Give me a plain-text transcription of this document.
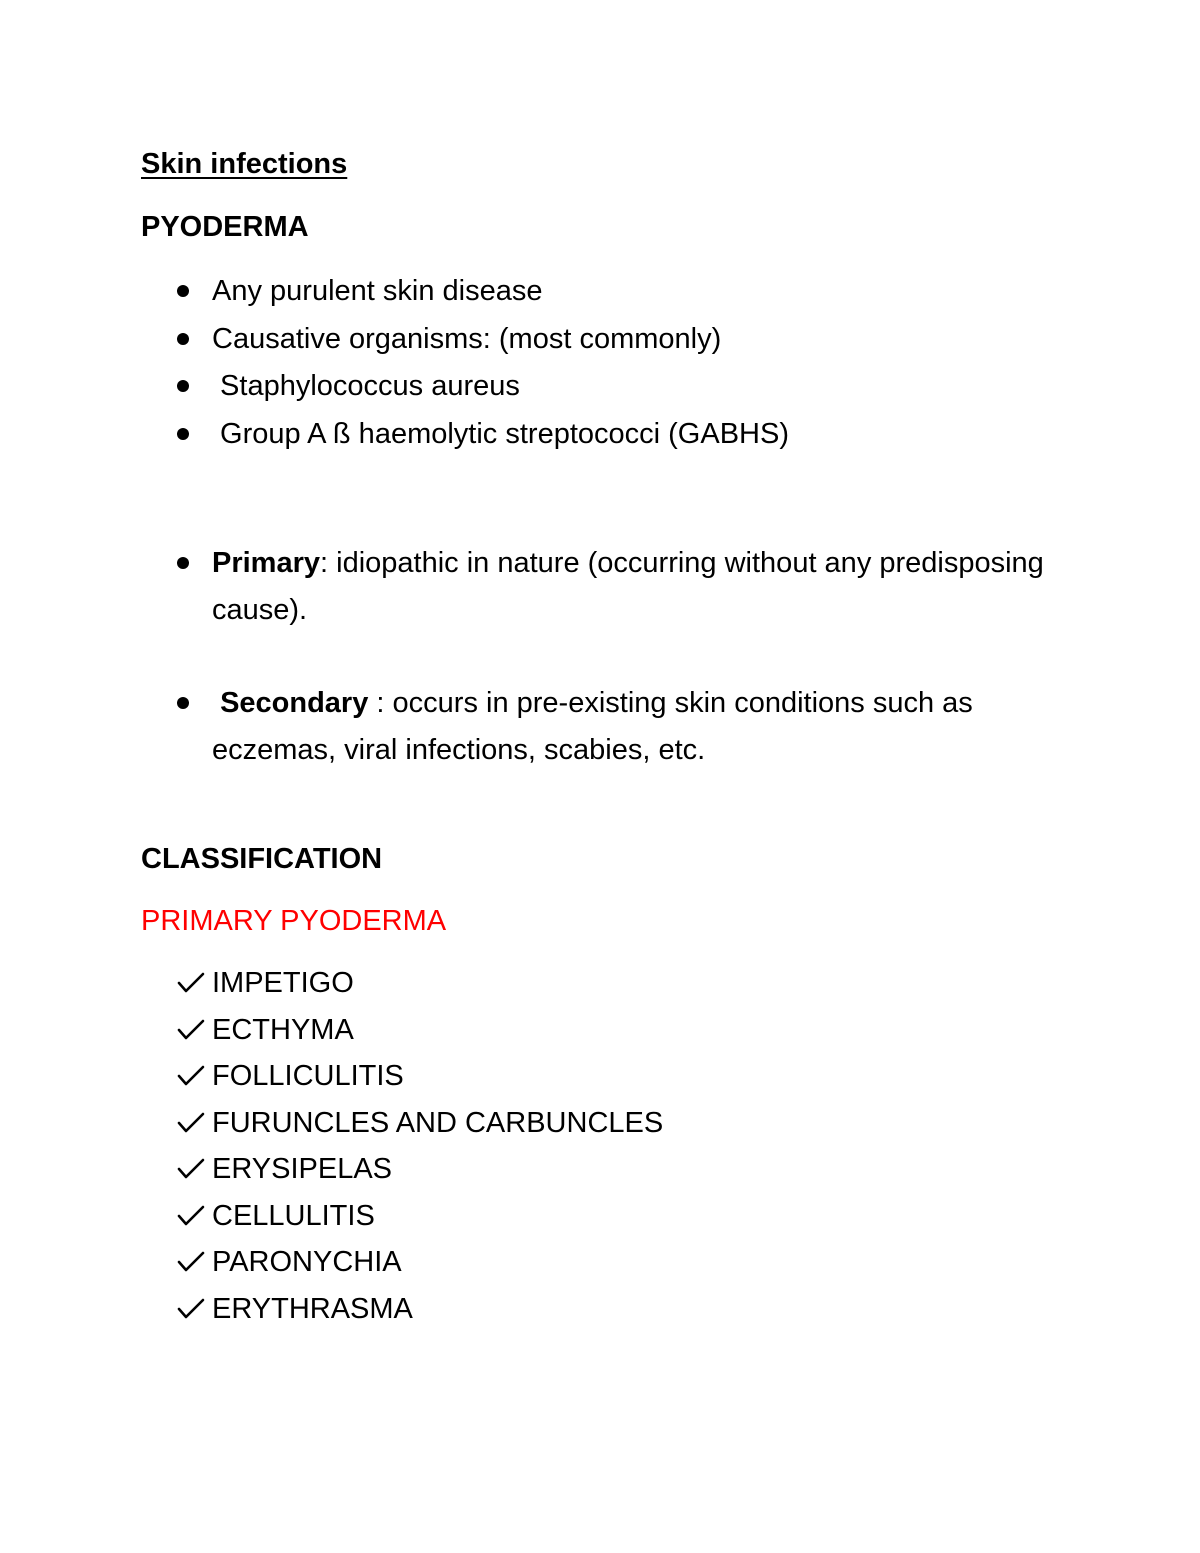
Skin infections
PYODERMA
Any purulent skin disease
Causative organisms: (most commonly)
Staphylococcus aureus
Group A ß haemolytic streptococci (GABHS)
Primary: idiopathic in nature (occurring without any predisposing cause).
Secondary : occurs in pre-existing skin conditions such as eczemas, viral infections, scabies, etc.
CLASSIFICATION
PRIMARY PYODERMA
IMPETIGO
ECTHYMA
FOLLICULITIS
FURUNCLES AND CARBUNCLES
ERYSIPELAS
CELLULITIS
PARONYCHIA
ERYTHRASMA
